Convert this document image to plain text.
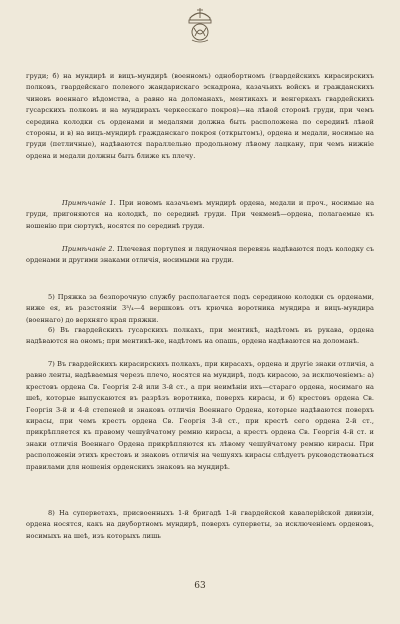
груди; б) на мундирѣ и вицъ-мундирѣ (военномъ) однобортномъ (гвардейскихъ кирасирскихъ полковъ, гвардейскаго полевого жандарискаго эскадрона, казачьихъ войскъ и гражданскихъ чиновъ военнаго вѣдомства, а равно на доломанахъ, ментикахъ и венгеркахъ гвардейскихъ гусарскихъ полковъ и на мундирахъ черкесскаго покроя)—на лѣвой сторонѣ груди, при чемъ середина колодки съ орденами и медалями должна быть расположена по серединѣ лѣвой стороны, и в) на вицъ-мундирѣ гражданскаго покроя (открытомъ), ордена и медали, носимые на груди (петличные), надѣваются параллельно продольному лѣвому лацкану, при чемъ нижніе ордена и медали должны быть ближе къ плечу.

Примѣчаніе 1. При новомъ казачьемъ мундирѣ ордена, медали и проч., носимые на груди, пригоняются на колодкѣ, по серединѣ груди. При чекменѣ—ордена, полагаемые къ ношенію при сюртукѣ, носятся по серединѣ груди.

Примѣчаніе 2. Плечевая портупея и лядуночная перевязь надѣваются подъ колодку съ орденами и другими знаками отличія, носимыми на груди.

5) Пряжка за безпорочную службу располагается подъ серединою колодки съ орденами, ниже ея, въ разстояніи 3³/₄—4 вершковъ отъ крючка воротника мундира и вицъ-мундира (военнаго) до верхняго края пряжки.

6) Въ гвардейскихъ гусарскихъ полкахъ, при ментикѣ, надѣтомъ въ рукава, ордена надѣваются на ономъ; при ментикѣ-же, надѣтомъ на опашь, ордена надѣваются на доломанѣ.

7) Въ гвардейскихъ кирасирскихъ полкахъ, при кирасахъ, ордена и другіе знаки отличія, а равно ленты, надѣваемыя черезъ плечо, носятся на мундирѣ, подъ кирасою, за исключеніемъ: а) крестовъ ордена Св. Георгія 2-й или 3-й ст., а при неимѣніи ихъ—стараго ордена, носимаго на шеѣ, которые выпускаются въ разрѣзъ воротника, поверхъ кирасы, и б) крестовъ ордена Св. Георгія 3-й и 4-й степеней и знаковъ отличія Военнаго Ордена, которые надѣваются поверхъ кирасы, при чемъ крестъ ордена Св. Георгія 3-й ст., при крестѣ сего ордена 2-й ст., прикрѣпляется къ правому чешуйчатому ремню кирасы, а крестъ ордена Св. Георгія 4-й ст. и знаки отличія Военнаго Ордена прикрѣпляются къ лѣвому чешуйчатому ремню кирасы. При расположеніи этихъ крестовъ и знаковъ отличія на чешуяхъ кирасы слѣдуетъ руководствоваться правилами для ношенія орденскихъ знаковъ на мундирѣ.

8) На суперветахъ, присвоенныхъ 1-й бригадѣ 1-й гвардейской кавалерійской дивизіи, ордена носятся, какъ на двубортномъ мундирѣ, поверхъ суперветы, за исключеніемъ орденовъ, носимыхъ на шеѣ, изъ которыхъ лишь

63
